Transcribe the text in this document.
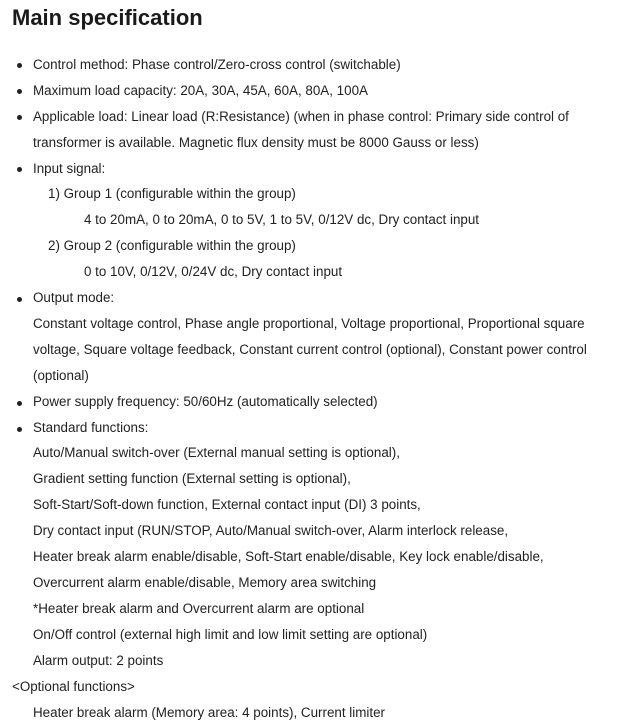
Main specification
Control method: Phase control/Zero-cross control (switchable)
Maximum load capacity: 20A, 30A, 45A, 60A, 80A, 100A
Applicable load: Linear load (R:Resistance) (when in phase control: Primary side control of
transformer is available. Magnetic flux density must be 8000 Gauss or less)
Input signal:
1) Group 1 (configurable within the group)
4 to 20mA, 0 to 20mA, 0 to 5V, 1 to 5V, 0/12V dc, Dry contact input
2) Group 2 (configurable within the group)
0 to 10V, 0/12V, 0/24V dc, Dry contact input
Output mode:
Constant voltage control, Phase angle proportional, Voltage proportional, Proportional square
voltage, Square voltage feedback, Constant current control (optional), Constant power control
(optional)
Power supply frequency: 50/60Hz (automatically selected)
Standard functions:
Auto/Manual switch-over (External manual setting is optional),
Gradient setting function (External setting is optional),
Soft-Start/Soft-down function, External contact input (DI) 3 points,
Dry contact input (RUN/STOP, Auto/Manual switch-over, Alarm interlock release,
Heater break alarm enable/disable, Soft-Start enable/disable, Key lock enable/disable,
Overcurrent alarm enable/disable, Memory area switching
*Heater break alarm and Overcurrent alarm are optional
On/Off control (external high limit and low limit setting are optional)
Alarm output: 2 points
<Optional functions>
Heater break alarm (Memory area: 4 points), Current limiter
